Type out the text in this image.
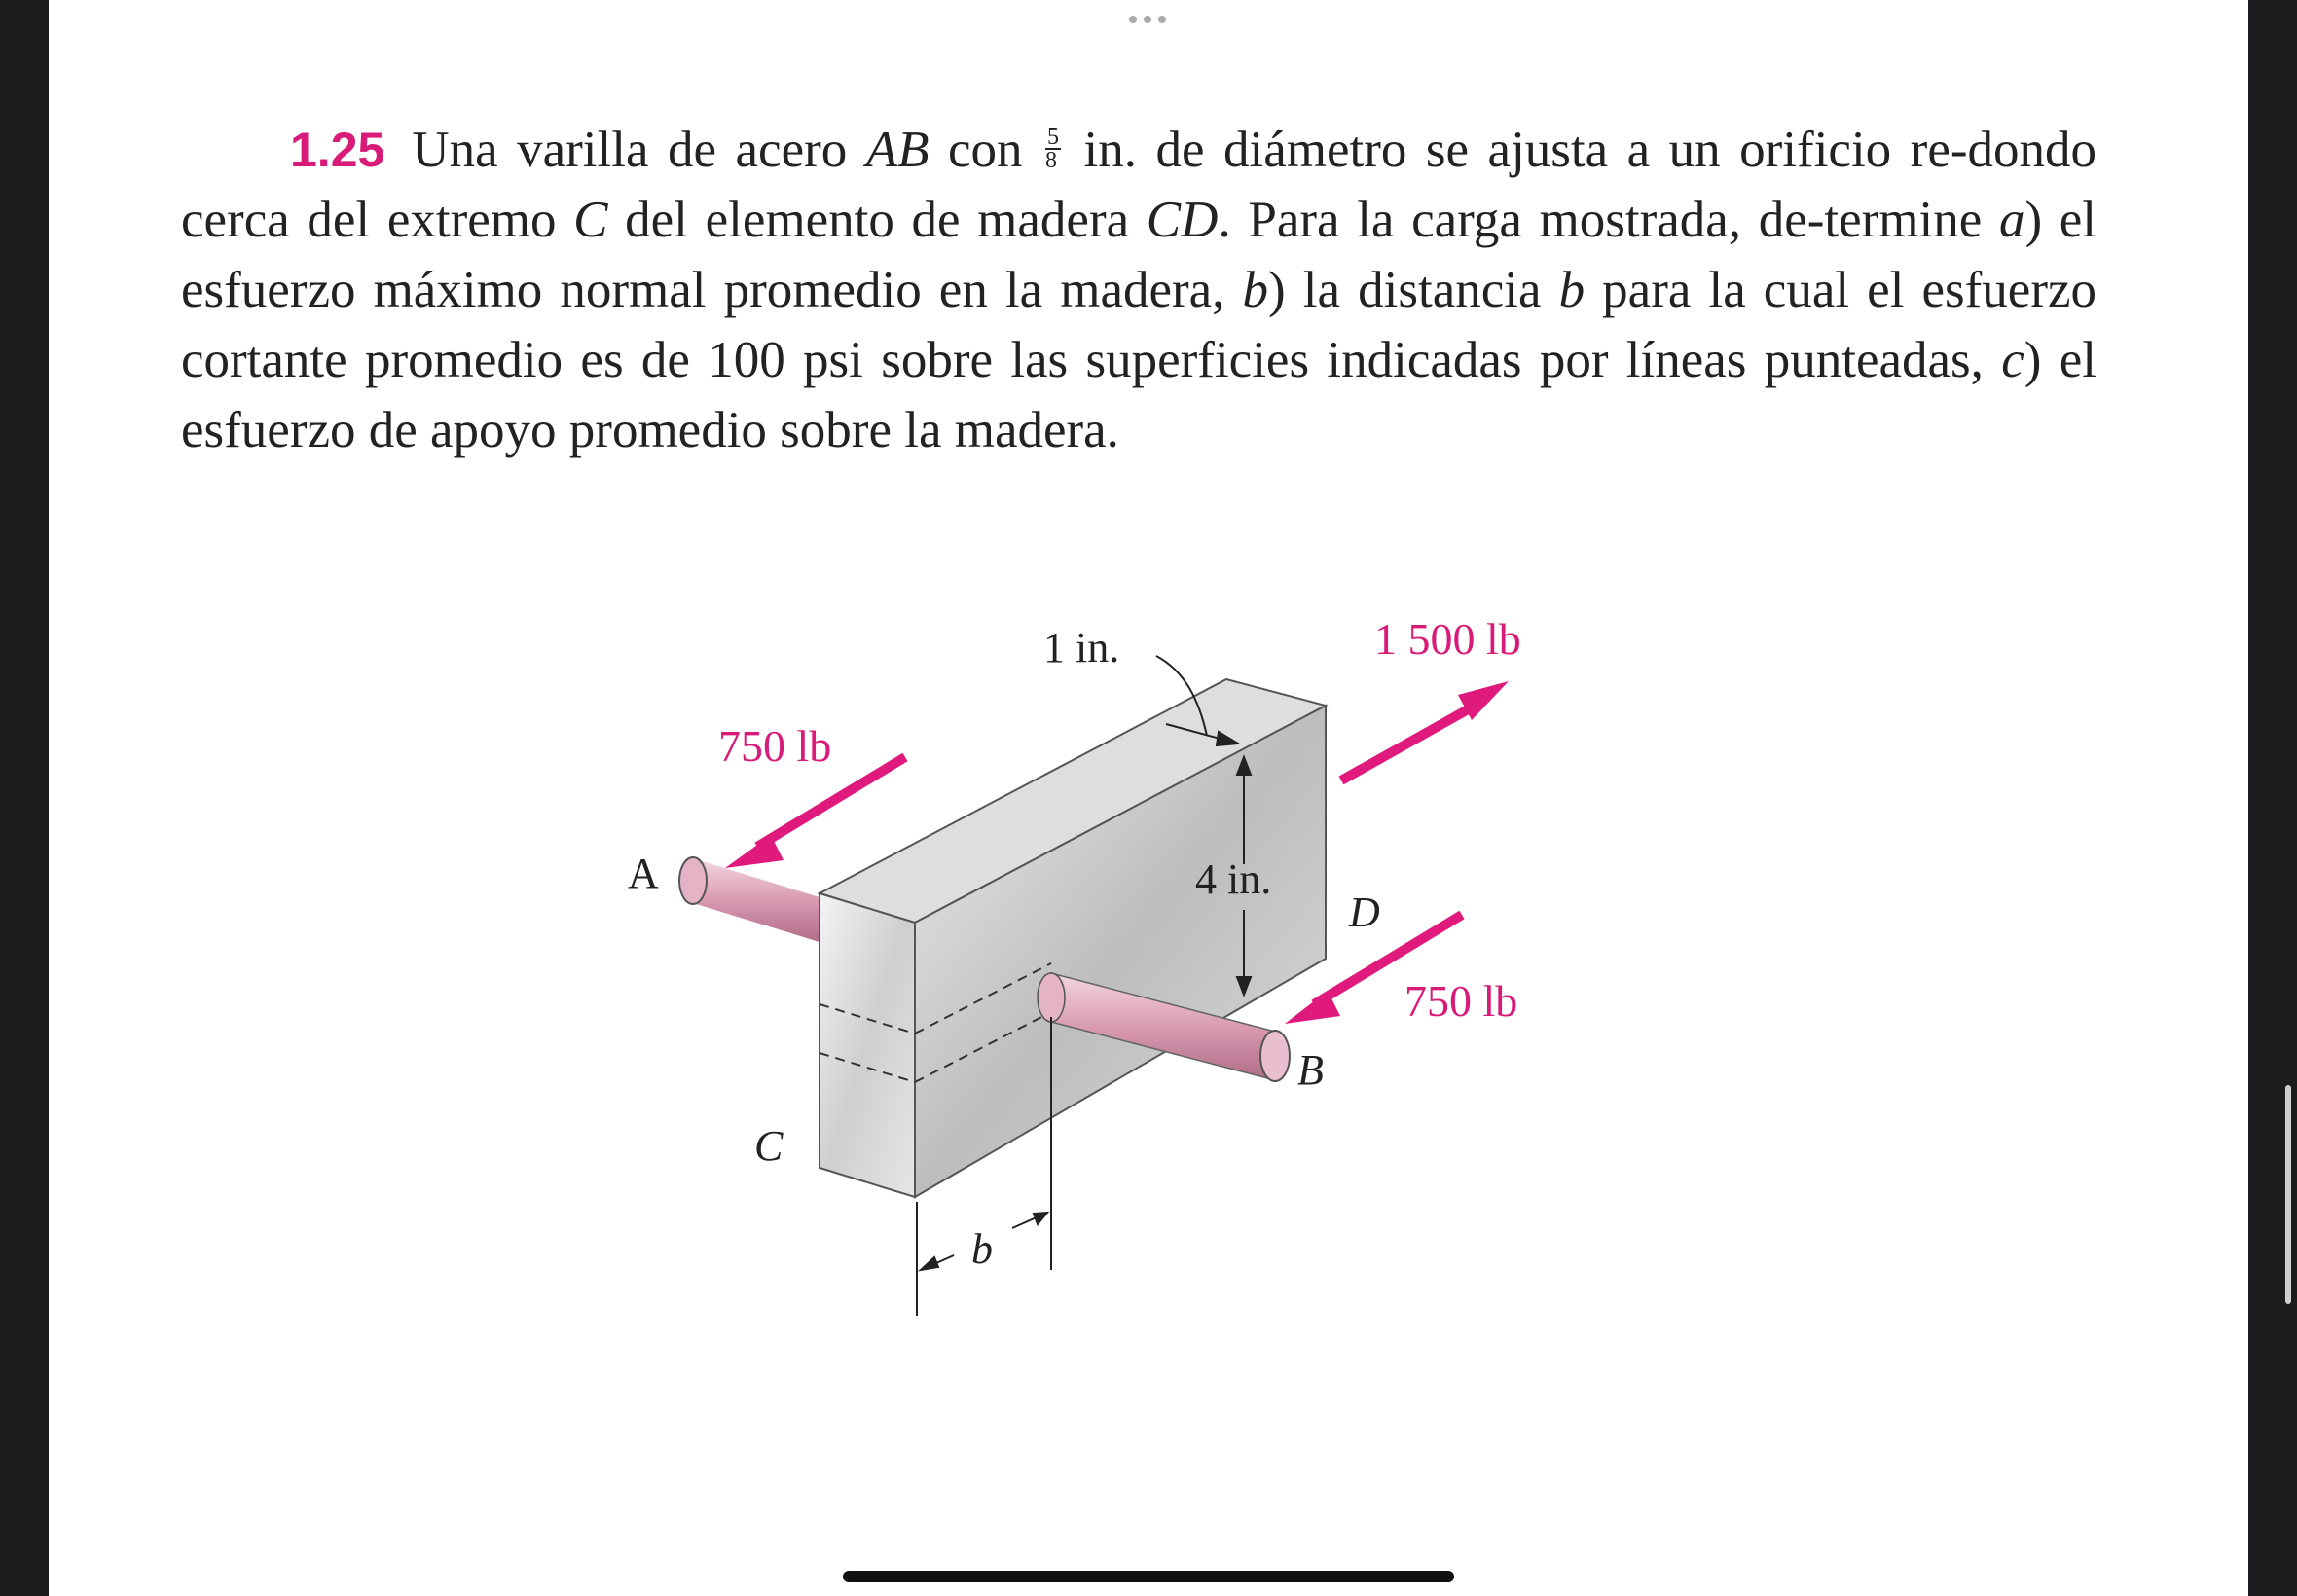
1.25 Una varilla de acero AB con $\frac{5}{8}$ in. de diámetro se ajusta a un orificio re-dondo cerca del extremo C del elemento de madera CD. Para la carga mostrada, de-termine a) el esfuerzo máximo normal promedio en la madera, b) la distancia b para la cual el esfuerzo cortante promedio es de 100 psi sobre las superficies indicadas por líneas punteadas, c) el esfuerzo de apoyo promedio sobre la madera.
b
4 in.
1 in.
750 lb
1 500 lb
750 lb
A
B
C
D
